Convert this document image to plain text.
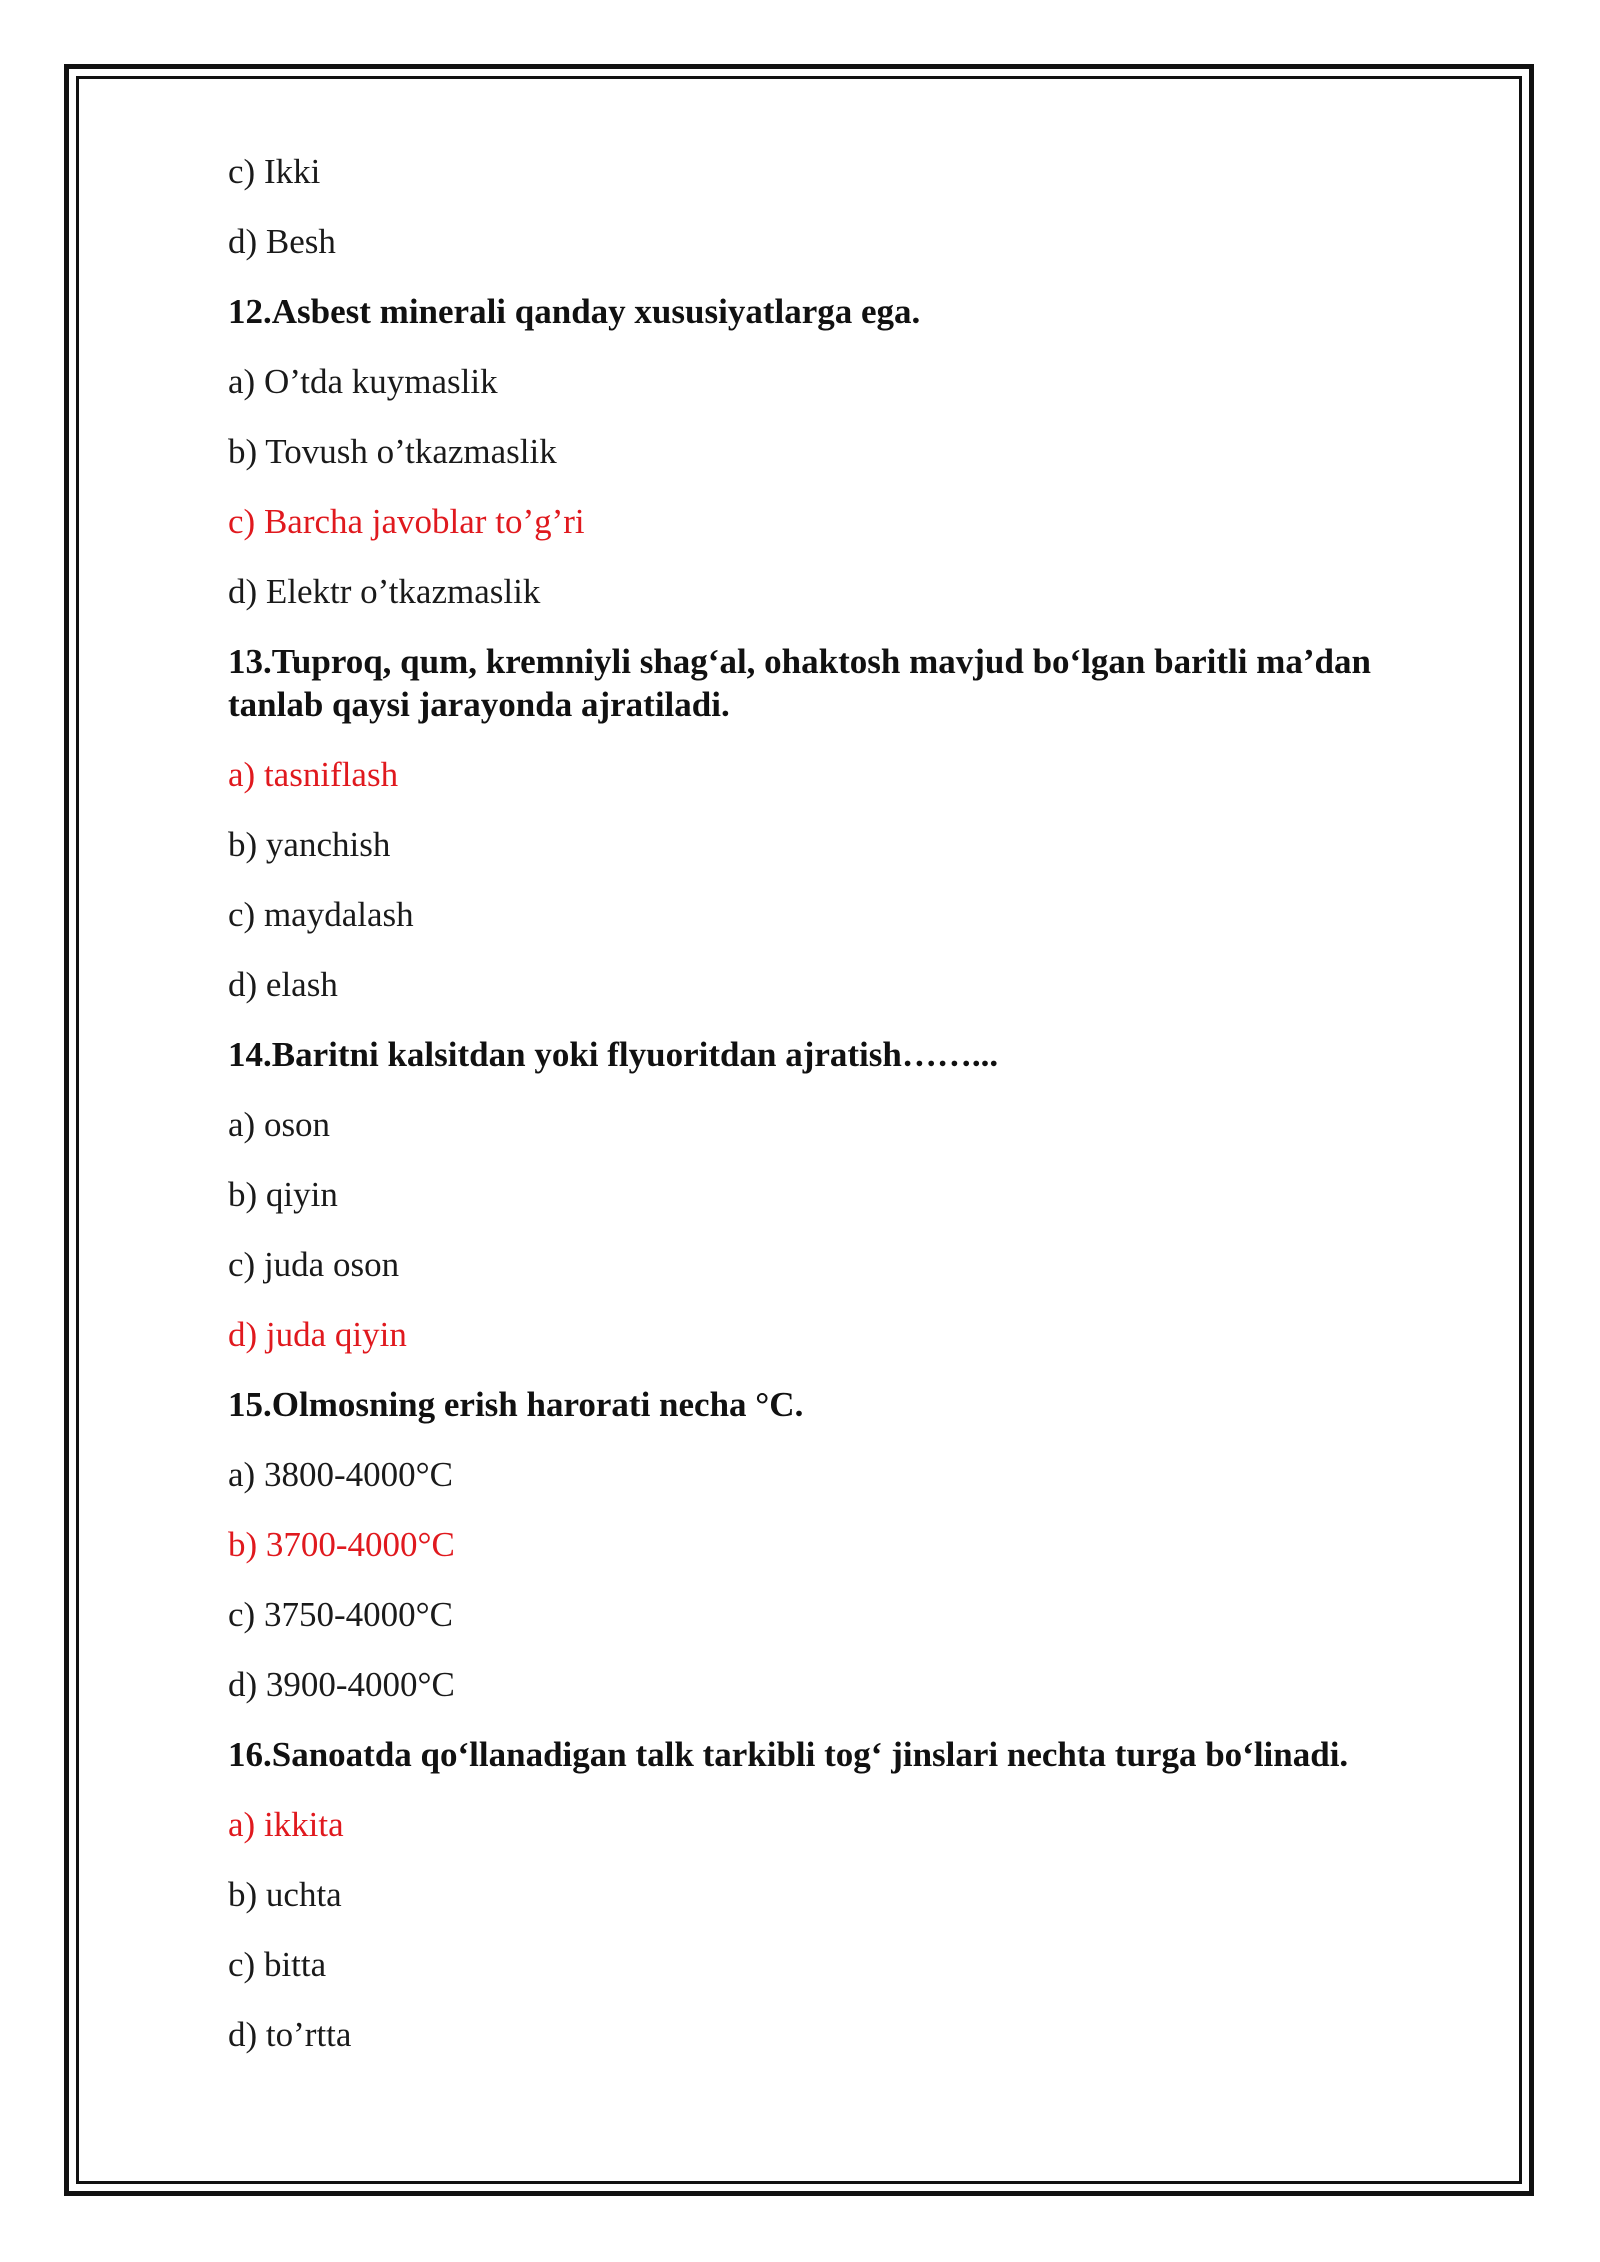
c) Ikki

d) Besh

12.Asbest minerali qanday xususiyatlarga ega.

a) O’tda kuymaslik

b) Tovush o’tkazmaslik

c) Barcha javoblar to’g’ri

d) Elektr o’tkazmaslik

13.Tuproq, qum, kremniyli shag‘al, ohaktosh mavjud bo‘lgan baritli ma’dan tanlab qaysi jarayonda ajratiladi.

a) tasniflash

b) yanchish

c) maydalash

d) elash

14.Baritni kalsitdan yoki flyuoritdan ajratish……...

a) oson

b) qiyin

c) juda oson

d) juda qiyin

15.Olmosning erish harorati necha °C.

a) 3800-4000°C

b) 3700-4000°C

c) 3750-4000°C

d) 3900-4000°C

16.Sanoatda qo‘llanadigan talk tarkibli tog‘ jinslari nechta turga bo‘linadi.

a) ikkita

b) uchta

c) bitta

d) to’rtta
